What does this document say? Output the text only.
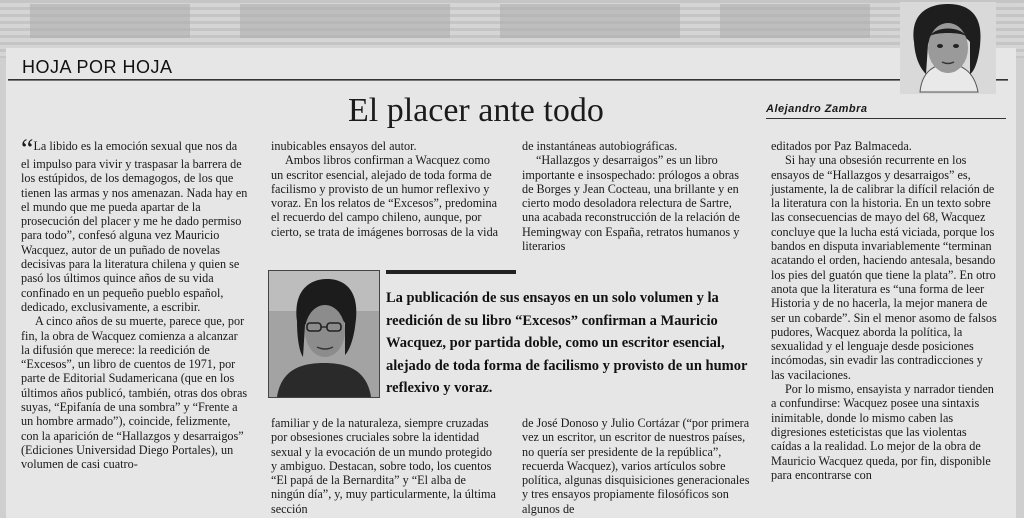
HOJA POR HOJA
El placer ante todo	Alejandro Zambra

“La libido es la emoción sexual que nos da el impulso para vivir y traspasar la barrera de los estúpidos, de los demagogos, de los que tienen las armas y nos amenazan. Nada hay en el mundo que me pueda apartar de la prosecución del placer y me he dado permiso para todo”, confesó alguna vez Mauricio Wacquez, autor de un puñado de novelas decisivas para la literatura chilena y quien se pasó los últimos quince años de su vida confinado en un pequeño pueblo español, dedicado, exclusivamente, a escribir.

A cinco años de su muerte, parece que, por fin, la obra de Wacquez comienza a alcanzar la difusión que merece: la reedición de “Excesos”, un libro de cuentos de 1971, por parte de Editorial Sudamericana (que en los últimos años publicó, también, otras dos obras suyas, “Epifanía de una sombra” y “Frente a un hombre armado”), coincide, felizmente, con la aparición de “Hallazgos y desarraigos” (Ediciones Universidad Diego Portales), un volumen de casi cuatro-

inubicables ensayos del autor.

Ambos libros confirman a Wacquez como un escritor esencial, alejado de toda forma de facilismo y provisto de un humor reflexivo y voraz. En los relatos de “Excesos”, predomina el recuerdo del campo chileno, aunque, por cierto, se trata de imágenes borrosas de la vida

de instantáneas autobiográficas.

“Hallazgos y desarraigos” es un libro importante e insospechado: prólogos a obras de Borges y Jean Cocteau, una brillante y en cierto modo desoladora relectura de Sartre, una acabada reconstrucción de la relación de Hemingway con España, retratos humanos y literarios

editados por Paz Balmaceda.

Si hay una obsesión recurrente en los ensayos de “Hallazgos y desarraigos” es, justamente, la de calibrar la difícil relación de la literatura con la historia. En un texto sobre las consecuencias de mayo del 68, Wacquez concluye que la lucha está viciada, porque los bandos en disputa invariablemente “terminan acatando el orden, haciendo antesala, besando los pies del guatón que tiene la plata”. En otro anota que la literatura es “una forma de leer Historia y de no hacerla, la mejor manera de ser un cobarde”. Sin el menor asomo de falsos pudores, Wacquez aborda la política, la sexualidad y el lenguaje desde posiciones incómodas, sin evadir las contradicciones y las vacilaciones.

Por lo mismo, ensayista y narrador tienden a confundirse: Wacquez posee una sintaxis inimitable, donde lo mismo caben las digresiones esteticistas que las violentas caídas a la realidad. Lo mejor de la obra de Mauricio Wacquez queda, por fin, disponible para encontrarse con

La publicación de sus ensayos en un solo volumen y la reedición de su libro “Excesos” confirman a Mauricio Wacquez, por partida doble, como un escritor esencial, alejado de toda forma de facilismo y provisto de un humor reflexivo y voraz.

familiar y de la naturaleza, siempre cruzadas por obsesiones cruciales sobre la identidad sexual y la evocación de un mundo protegido y ambiguo. Destacan, sobre todo, los cuentos “El papá de la Bernardita” y “El alba de ningún día”, y, muy particularmente, la última sección

de José Donoso y Julio Cortázar (“por primera vez un escritor, un escritor de nuestros países, no quería ser presidente de la república”, recuerda Wacquez), varios artículos sobre política, algunas disquisiciones generacionales y tres ensayos propiamente filosóficos son algunos de
